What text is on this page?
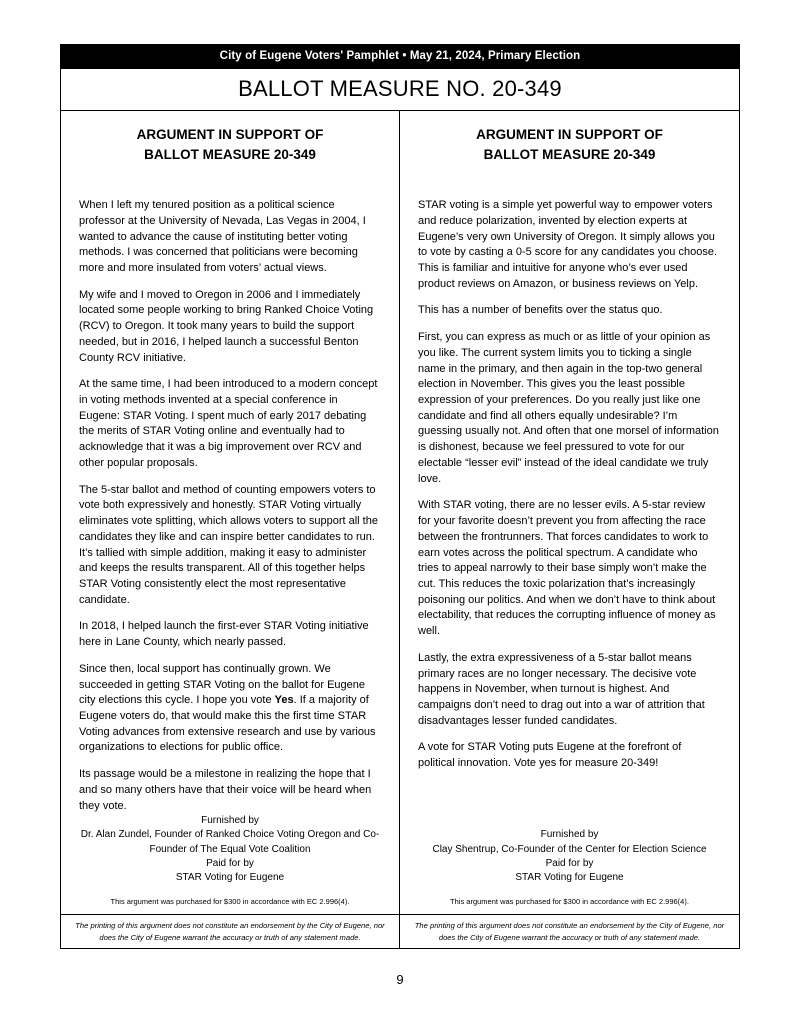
City of Eugene Voters' Pamphlet • May 21, 2024, Primary Election
BALLOT MEASURE NO. 20-349
ARGUMENT IN SUPPORT OF
BALLOT MEASURE 20-349

When I left my tenured position as a political science professor at the University of Nevada, Las Vegas in 2004, I wanted to advance the cause of instituting better voting methods. I was concerned that politicians were becoming more and more insulated from voters’ actual views.

My wife and I moved to Oregon in 2006 and I immediately located some people working to bring Ranked Choice Voting (RCV) to Oregon. It took many years to build the support needed, but in 2016, I helped launch a successful Benton County RCV initiative.

At the same time, I had been introduced to a modern concept in voting methods invented at a special conference in Eugene: STAR Voting. I spent much of early 2017 debating the merits of STAR Voting online and eventually had to acknowledge that it was a big improvement over RCV and other popular proposals.

The 5-star ballot and method of counting empowers voters to vote both expressively and honestly. STAR Voting virtually eliminates vote splitting, which allows voters to support all the candidates they like and can inspire better candidates to run. It’s tallied with simple addition, making it easy to administer and keeps the results transparent. All of this together helps STAR Voting consistently elect the most representative candidate.

In 2018, I helped launch the first-ever STAR Voting initiative here in Lane County, which nearly passed.

Since then, local support has continually grown. We succeeded in getting STAR Voting on the ballot for Eugene city elections this cycle. I hope you vote Yes. If a majority of Eugene voters do, that would make this the first time STAR Voting advances from extensive research and use by various organizations to elections for public office.

Its passage would be a milestone in realizing the hope that I and so many others have that their voice will be heard when they vote.

Furnished by
Dr. Alan Zundel, Founder of Ranked Choice Voting Oregon and Co-Founder of The Equal Vote Coalition
Paid for by
STAR Voting for Eugene
This argument was purchased for $300 in accordance with EC 2.996(4).
ARGUMENT IN SUPPORT OF
BALLOT MEASURE 20-349

STAR voting is a simple yet powerful way to empower voters and reduce polarization, invented by election experts at Eugene’s very own University of Oregon. It simply allows you to vote by casting a 0-5 score for any candidates you choose. This is familiar and intuitive for anyone who’s ever used product reviews on Amazon, or business reviews on Yelp.

This has a number of benefits over the status quo.

First, you can express as much or as little of your opinion as you like. The current system limits you to ticking a single name in the primary, and then again in the top-two general election in November. This gives you the least possible expression of your preferences. Do you really just like one candidate and find all others equally undesirable? I’m guessing usually not. And often that one morsel of information is dishonest, because we feel pressured to vote for our electable “lesser evil” instead of the ideal candidate we truly love.

With STAR voting, there are no lesser evils. A 5-star review for your favorite doesn’t prevent you from affecting the race between the frontrunners. That forces candidates to work to earn votes across the political spectrum. A candidate who tries to appeal narrowly to their base simply won’t make the cut. This reduces the toxic polarization that’s increasingly poisoning our politics. And when we don’t have to think about electability, that reduces the corrupting influence of money as well.

Lastly, the extra expressiveness of a 5-star ballot means primary races are no longer necessary. The decisive vote happens in November, when turnout is highest. And campaigns don’t need to drag out into a war of attrition that disadvantages lesser funded candidates.

A vote for STAR Voting puts Eugene at the forefront of political innovation. Vote yes for measure 20-349!

Furnished by
Clay Shentrup, Co-Founder of the Center for Election Science
Paid for by
STAR Voting for Eugene
This argument was purchased for $300 in accordance with EC 2.996(4).
The printing of this argument does not constitute an endorsement by the City of Eugene, nor does the City of Eugene warrant the accuracy or truth of any statement made.
The printing of this argument does not constitute an endorsement by the City of Eugene, nor does the City of Eugene warrant the accuracy or truth of any statement made.
9
